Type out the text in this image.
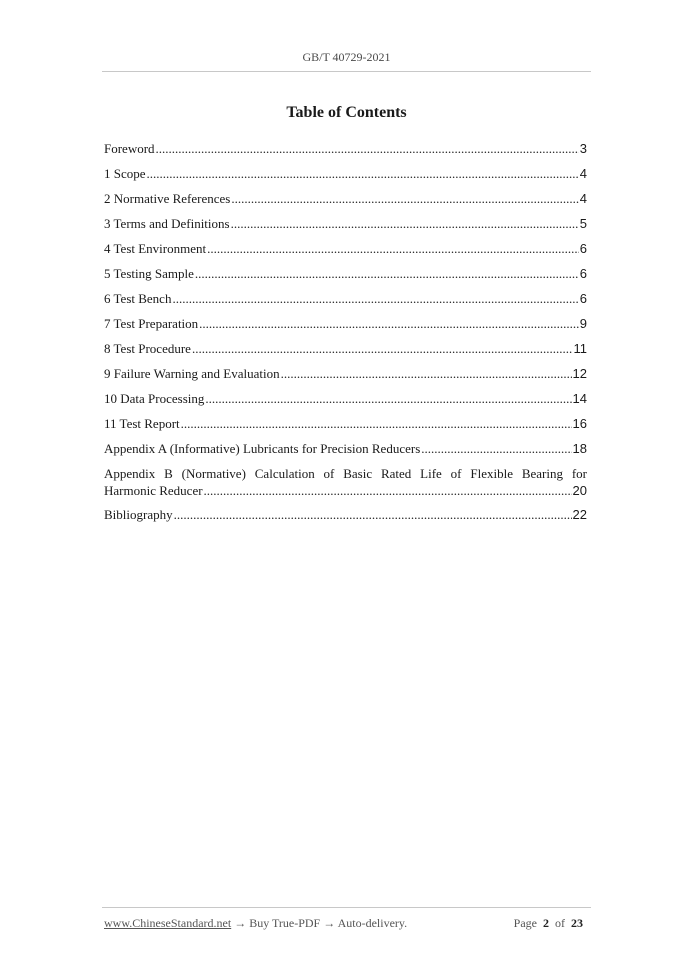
GB/T 40729-2021
Table of Contents
Foreword .....	3
1 Scope .....	4
2 Normative References .....	4
3 Terms and Definitions .....	5
4 Test Environment .....	6
5 Testing Sample .....	6
6 Test Bench .....	6
7 Test Preparation .....	9
8 Test Procedure .....	11
9 Failure Warning and Evaluation .....	12
10 Data Processing .....	14
11 Test Report .....	16
Appendix A (Informative) Lubricants for Precision Reducers .....	18
Appendix B (Normative) Calculation of Basic Rated Life of Flexible Bearing for
Harmonic Reducer .....	20
Bibliography .....	22
www.ChineseStandard.net → Buy True-PDF → Auto-delivery.	Page 2 of 23
